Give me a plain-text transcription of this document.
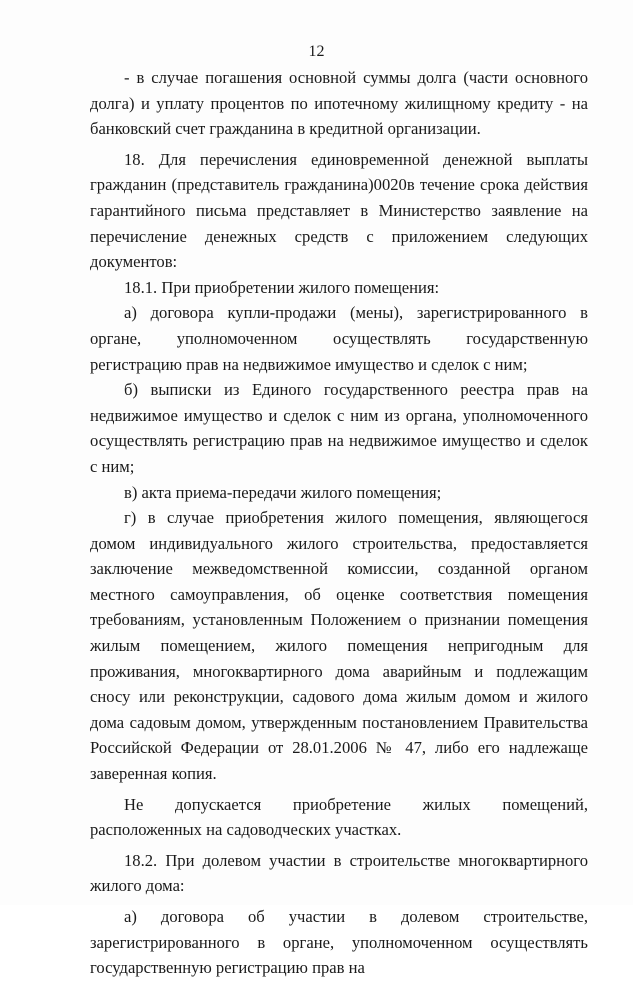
12

- в случае погашения основной суммы долга (части основного долга) и уплату процентов по ипотечному жилищному кредиту - на банковский счет гражданина в кредитной организации.

18. Для перечисления единовременной денежной выплаты гражданин (представитель гражданина)0020в течение срока действия гарантийного письма представляет в Министерство заявление на перечисление денежных средств с приложением следующих документов:

18.1. При приобретении жилого помещения:

а) договора купли-продажи (мены), зарегистрированного в органе, уполномоченном осуществлять государственную регистрацию прав на недвижимое имущество и сделок с ним;

б) выписки из Единого государственного реестра прав на недвижимое имущество и сделок с ним из органа, уполномоченного осуществлять регистрацию прав на недвижимое имущество и сделок с ним;

в) акта приема-передачи жилого помещения;

г) в случае приобретения жилого помещения, являющегося домом индивидуального жилого строительства, предоставляется заключение межведомственной комиссии, созданной органом местного самоуправления, об оценке соответствия помещения требованиям, установленным Положением о признании помещения жилым помещением, жилого помещения непригодным для проживания, многоквартирного дома аварийным и подлежащим сносу или реконструкции, садового дома жилым домом и жилого дома садовым домом, утвержденным постановлением Правительства Российской Федерации от 28.01.2006 № 47, либо его надлежаще заверенная копия.

Не допускается приобретение жилых помещений, расположенных на садоводческих участках.

18.2. При долевом участии в строительстве многоквартирного жилого дома:

а) договора об участии в долевом строительстве, зарегистрированного в органе, уполномоченном осуществлять государственную регистрацию прав на
